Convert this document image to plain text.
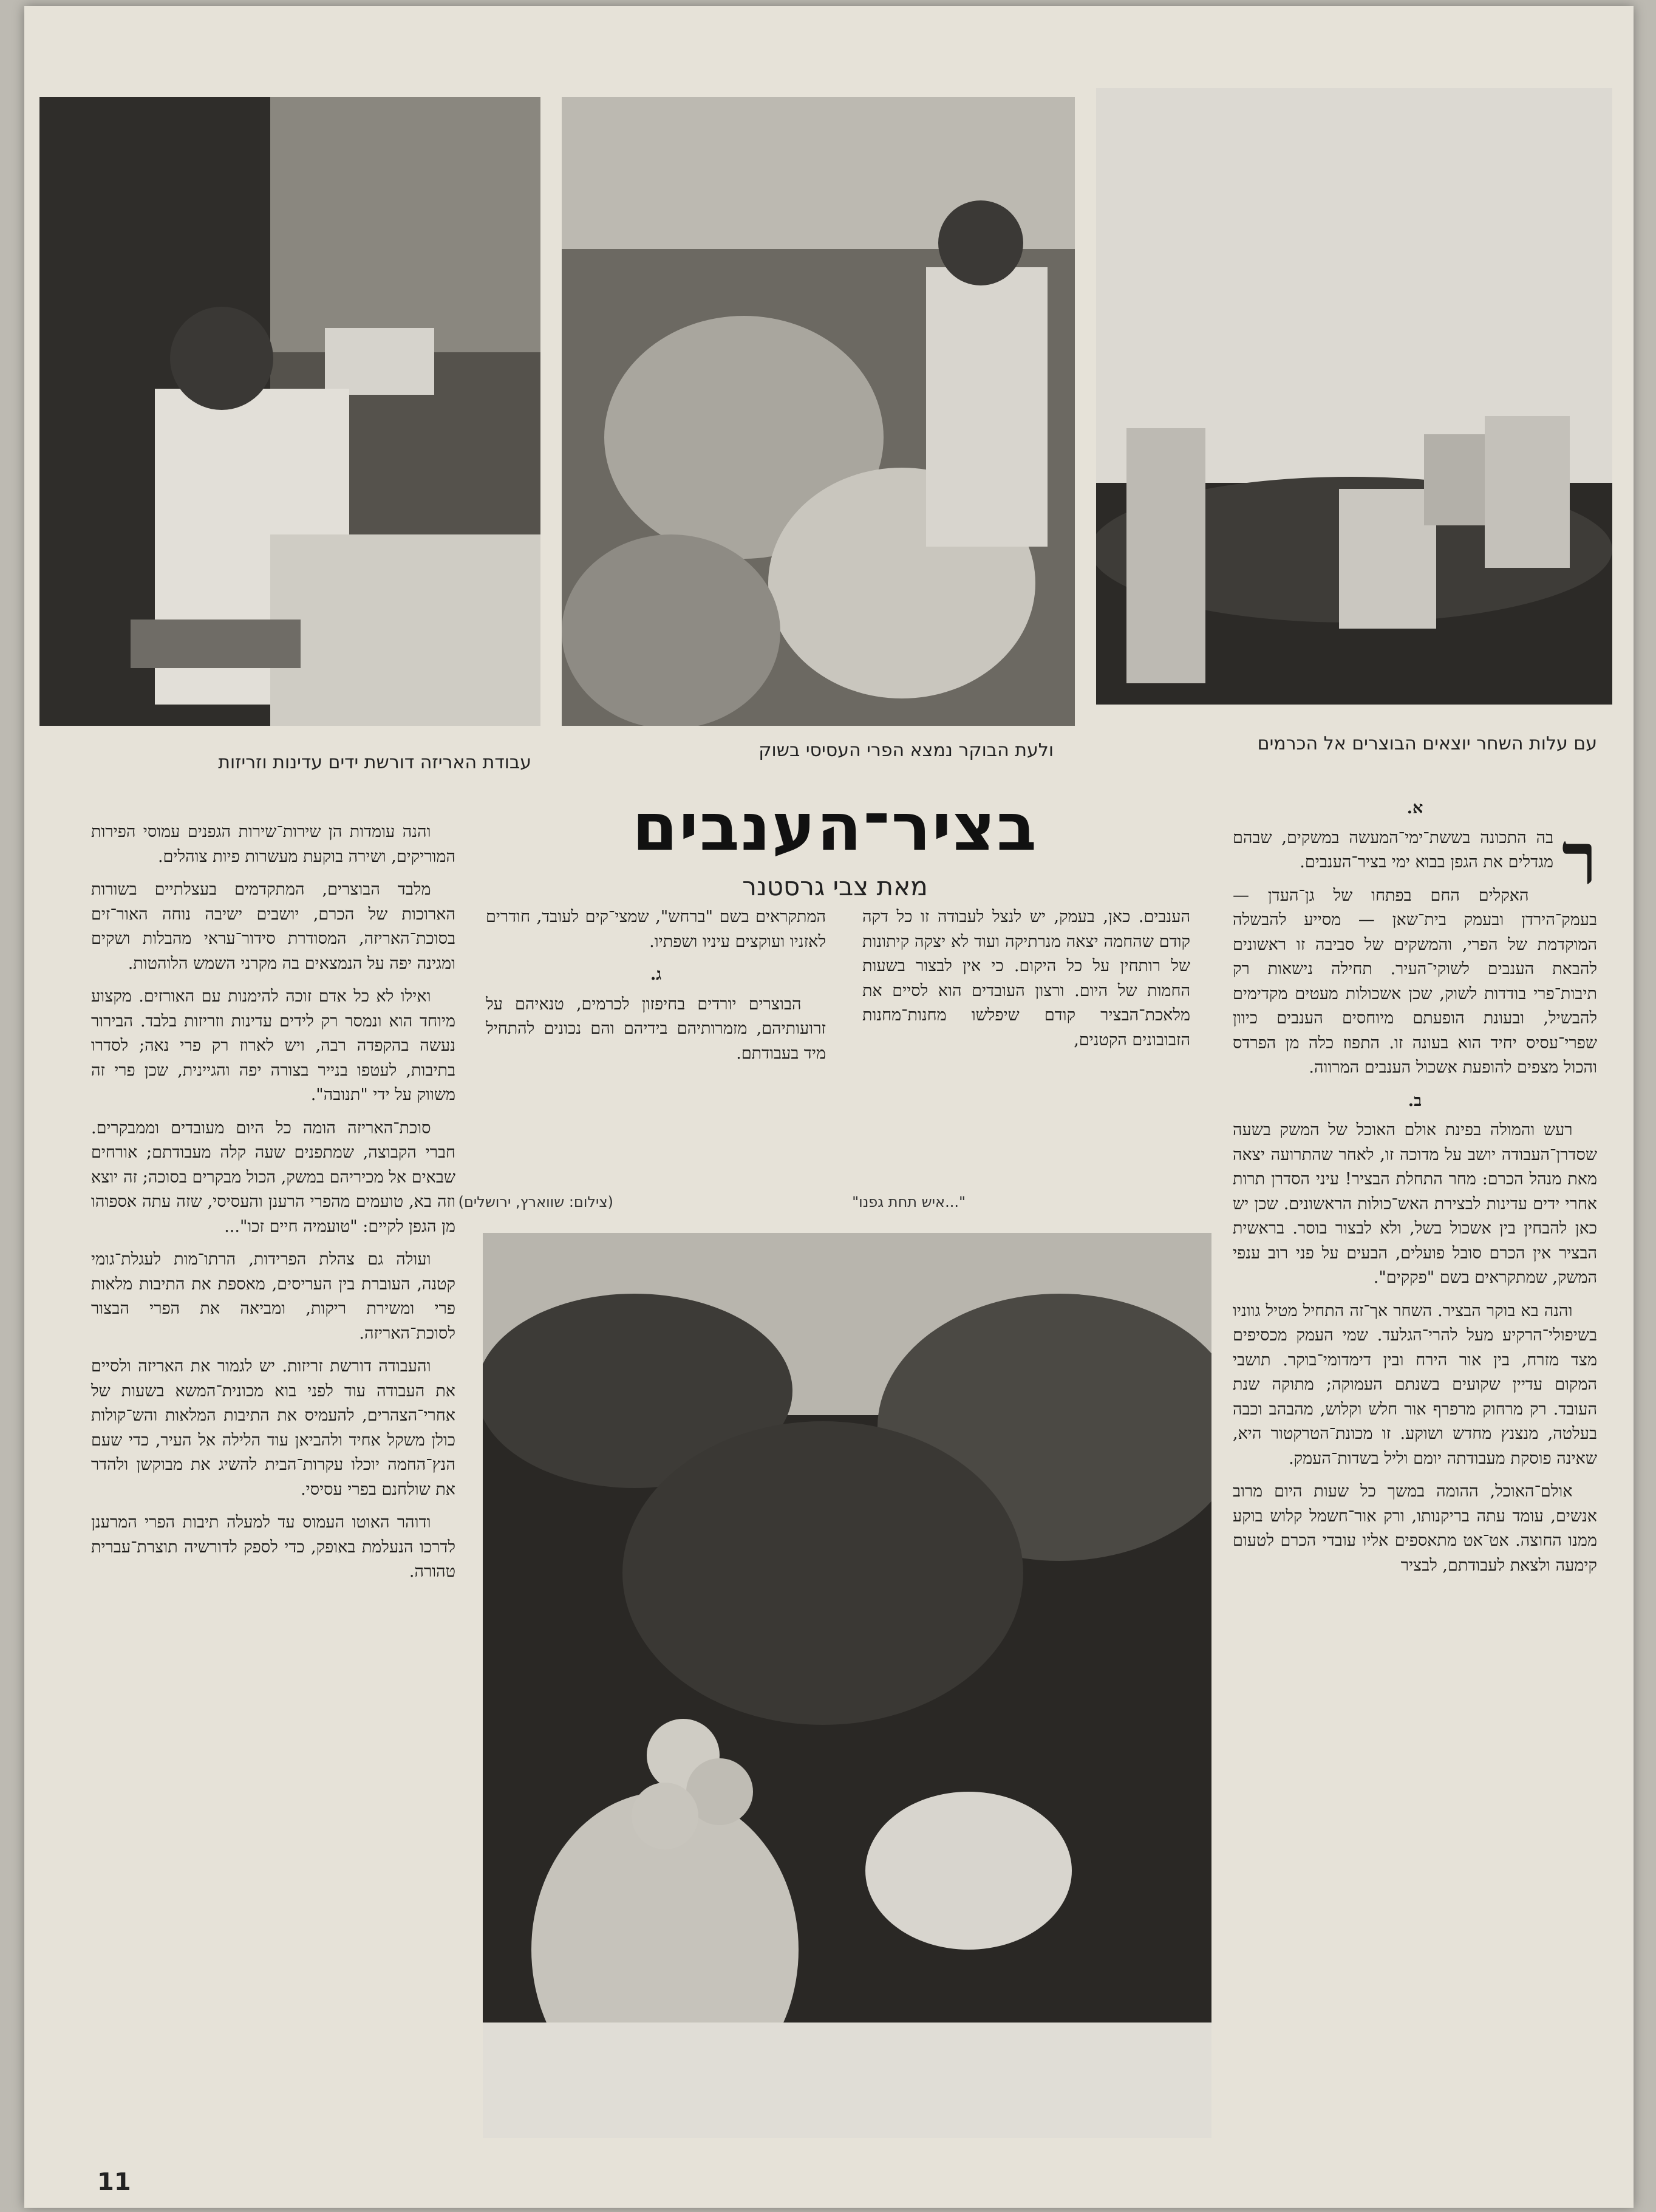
עם עלות השחר יוצאים הבוצרים אל הכרמים
ולעת הבוקר נמצא הפרי העסיסי בשוק
עבודת האריזה דורשת ידים עדינות וזריזות
בציר־הענבים
מאת צבי גרסטנר
א.

ר
בה התכונה בששת־ימי־המעשה במשקים, שבהם מגדלים את הגפן בבוא ימי בציר־הענבים.

האקלים החם בפתחו של גן־העדן — בעמק־הירדן ובעמק בית־שאן — מסייע להבשלה המוקדמת של הפרי, והמשקים של סביבה זו ראשונים להבאת הענבים לשוקי־העיר. תחילה נישאות רק תיבות־פרי בודדות לשוק, שכן אשכולות מעטים מקדימים להבשיל, ובעונת הופעתם מיוחסים הענבים כיוון שפרי־עסיס יחיד הוא בעונה זו. התפוז כלה מן הפרדס והכול מצפים להופעת אשכול הענבים המרווה.

ב.

רעש והמולה בפינת אולם האוכל של המשק בשעה שסדרן־העבודה יושב על מדוכה זו, לאחר שהתרועה יצאה מאת מנהל הכרם: מחר התחלת הבציר! עיני הסדרן תרות אחרי ידים עדינות לבצירת האש־כולות הראשונים. שכן יש כאן להבחין בין אשכול בשל, ולא לבצור בוסר. בראשית הבציר אין הכרם סובל פועלים, הבעים על פני רוב ענפי המשק, שמתקראים בשם "פקקים".

והנה בא בוקר הבציר. השחר אך־זה התחיל מטיל גווניו בשיפולי־הרקיע מעל להרי־הגלעד. שמי העמק מכסיפים מצד מזרח, בין אור הירח ובין דימדומי־בוקר. תושבי המקום עדיין שקועים בשנתם העמוקה; מתוקה שנת העובד. רק מרחוק מרפרף אור חלש וקלוש, מהבהב וכבה בעלטה, מנצנץ מחדש ושוקע. זו מכונת־הטרקטור היא, שאינה פוסקת מעבודתה יומם וליל בשדות־העמק.

אולם־האוכל, ההומה במשך כל שעות היום מרוב אנשים, עומד עתה בריקנותו, ורק אור־חשמל קלוש בוקע ממנו החוצה. אט־אט מתאספים אליו עובדי הכרם לטעום קימעה ולצאת לעבודתם, לבציר

הענבים. כאן, בעמק, יש לנצל לעבודה זו כל דקה קודם שהחמה יצאה מנרתיקה ועוד לא יצקה קיתונות של רותחין על כל היקום. כי אין לבצור בשעות החמות של היום. ורצון העובדים הוא לסיים את מלאכת־הבציר קודם שיפלשו מחנות־מחנות הזבובונים הקטנים,

המתקראים בשם "ברחש", שמצי־קים לעובד, חודרים לאזניו ועוקצים עיניו ושפתיו.

ג.

הבוצרים יורדים בחיפזון לכרמים, טנאיהם על זרועותיהם, מזמרותיהם בידיהם והם נכונים להתחיל מיד בעבודתם.

"...איש תחת גפנו"
(צילום: שווארץ, ירושלים)

והנה עומדות הן שירות־שירות הגפנים עמוסי הפירות המוריקים, ושירה בוקעת מעשרות פיות צוהלים.

מלבד הבוצרים, המתקדמים בעצלתיים בשורות הארוכות של הכרם, יושבים ישיבה נוחה האור־זים בסוכת־האריזה, המסודרת סידור־עראי מהבלות ושקים ומגינה יפה על הנמצאים בה מקרני השמש הלוהטות.

ואילו לא כל אדם זוכה להימנות עם האורזים. מקצוע מיוחד הוא ונמסר רק לידים עדינות וזריזות בלבד. הבירור נעשה בהקפדה רבה, ויש לארוז רק פרי נאה; לסדרו בתיבות, לעטפו בנייר בצורה יפה והגיינית, שכן פרי זה משווק על ידי "תנובה".

סוכת־האריזה הומה כל היום מעובדים וממבקרים. חברי הקבוצה, שמתפנים שעה קלה מעבודתם; אורחים שבאים אל מכיריהם במשק, הכול מבקרים בסוכה; זה יוצא וזה בא, טועמים מהפרי הרענן והעסיסי, שזה עתה אספוהו מן הגפן לקיים: "טועמיה חיים זכו"...

ועולה גם צהלת הפרידות, הרתו־מות לעגלת־גומי קטנה, העוברת בין העריסים, מאספת את התיבות מלאות פרי ומשירת ריקות, ומביאה את הפרי הבצור לסוכת־האריזה.

והעבודה דורשת זריזות. יש לגמור את האריזה ולסיים את העבודה עוד לפני בוא מכונית־המשא בשעות של אחרי־הצהרים, להעמיס את התיבות המלאות והש־קולות כולן משקל אחיד ולהביאן עוד הלילה אל העיר, כדי שעם הנץ־החמה יוכלו עקרות־הבית להשיג את מבוקשן ולהדר את שולחנם בפרי עסיסי.

ודוהר האוטו העמוס עד למעלה תיבות הפרי המרענן לדרכו הנעלמת באופק, כדי לספק לדורשיה תוצרת־עברית טהורה.

11
